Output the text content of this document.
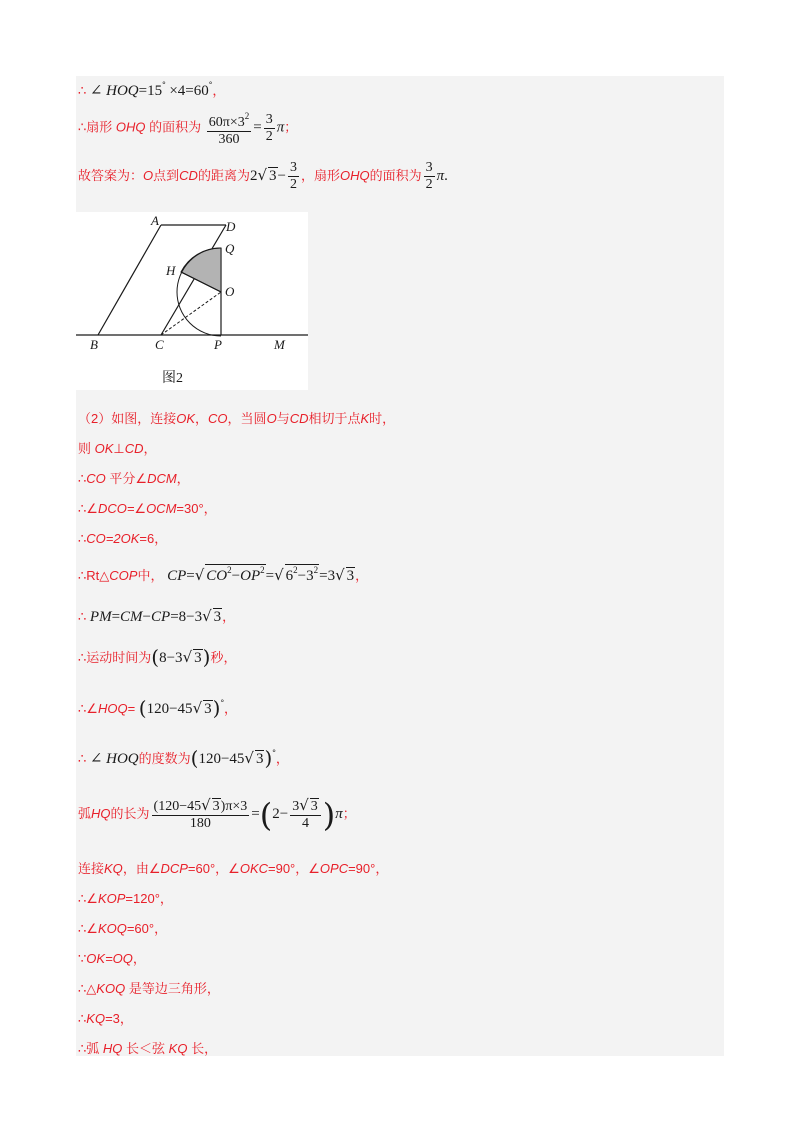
∴ ∠ HOQ=15° ×4=60°，
∴扇形 OHQ 的面积为 $\frac{60\pi\times 3^2}{360} = \frac{3}{2}$ π；
故答案为：O点到CD的距离为2√ $3- \frac{3}{2}$ ，扇形OHQ的面积为 $\frac{3}{2} \pi$.
A	D
Q
H
O
B	C	P	M
图2
（2）如图，连接OK，CO，当圆O与CD相切于点K时，
则 OK⊥CD，
∴CO 平分∠DCM，
∴∠DCO=∠OCM=30°，
∴CO=2OK=6，
∴Rt△COP中， CP=√ $CO^2-OP^2=√$ $6^2-3^2=3√$ 3，
∴ PM=CM−CP=8−3√ 3，
∴运动时间为(8−3√ 3)秒，
∴∠HOQ= (120−45√ 3)°，
∴ ∠ HOQ的度数为(120−45√ 3)°，
弧HQ的长为 $\frac{(120-45√ 3)\pi\times 3}{180} =(2- \frac{3√ 3}{4} )\pi$；
连接KQ，由∠DCP=60°，∠OKC=90°，∠OPC=90°，
∴∠KOP=120°，
∴∠KOQ=60°，
∵OK=OQ，
∴△KOQ 是等边三角形，
∴KQ=3，
∴弧 HQ 长＜弦 KQ 长，
